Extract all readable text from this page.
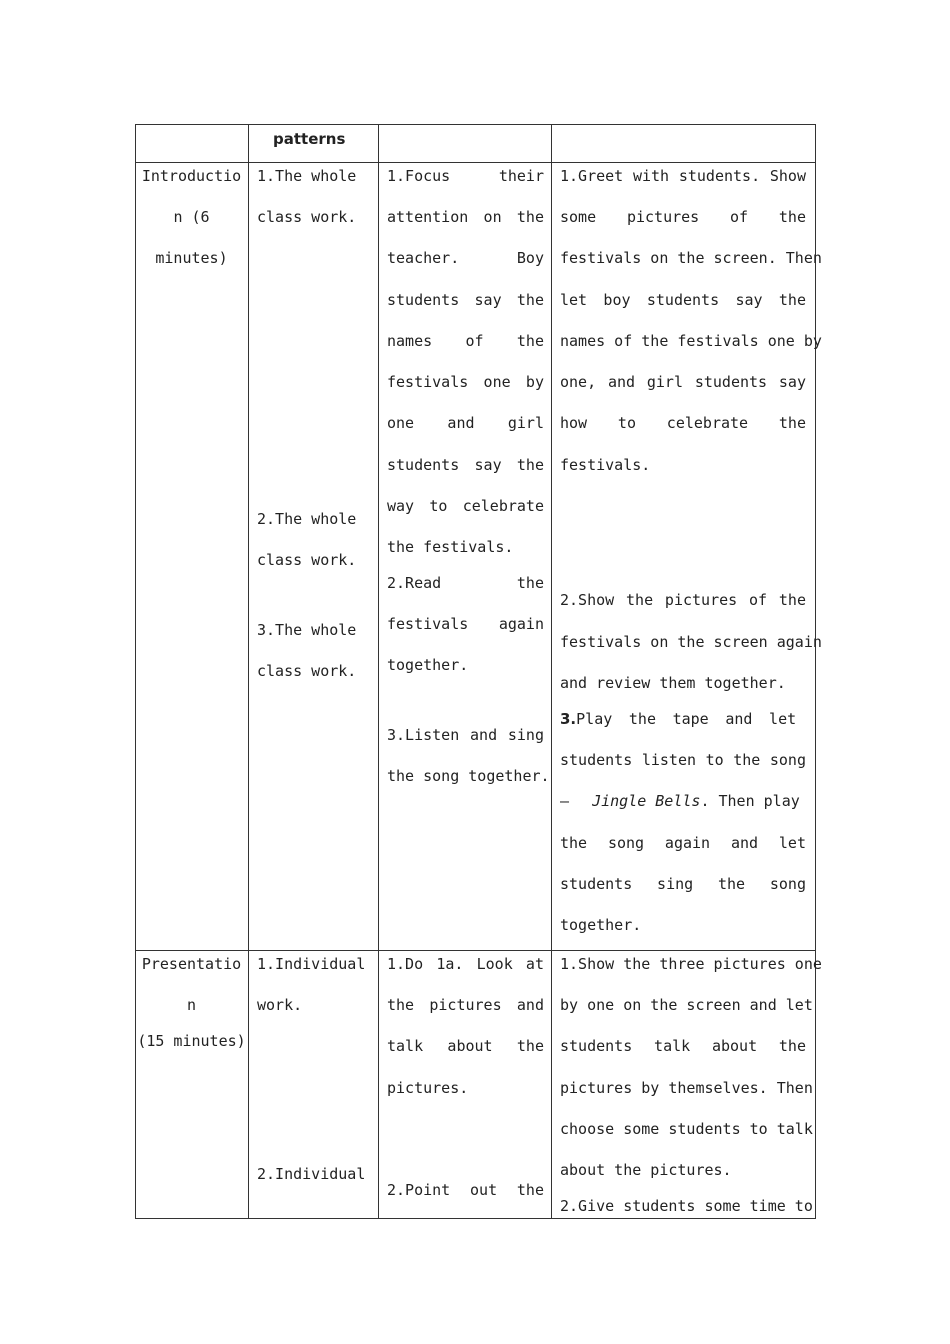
patterns
Introductio
n (6
minutes)
1.The whole
class work.
2.The whole
class work.
3.The whole
class work.
1.Focus their
attention on the
teacher. Boy
students say the
names of the
festivals one by
one and girl
students say the
way to celebrate
the festivals.
2.Read the
festivals again
together.
3.Listen and sing
the song together.
1.Greet with students. Show
some pictures of the
festivals on the screen. Then
let boy students say the
names of the festivals one by
one, and girl students say
how to celebrate the
festivals.
2.Show the pictures of the
festivals on the screen again
and review them together.
3.Play the tape and let
students listen to the song
— Jingle Bells. Then play
the song again and let
students sing the song
together.
Presentatio
n
(15 minutes)
1.Individual
work.
2.Individual
1.Do 1a. Look at
the pictures and
talk about the
pictures.
2.Point out the
1.Show the three pictures one
by one on the screen and let
students talk about the
pictures by themselves. Then
choose some students to talk
about the pictures.
2.Give students some time to
